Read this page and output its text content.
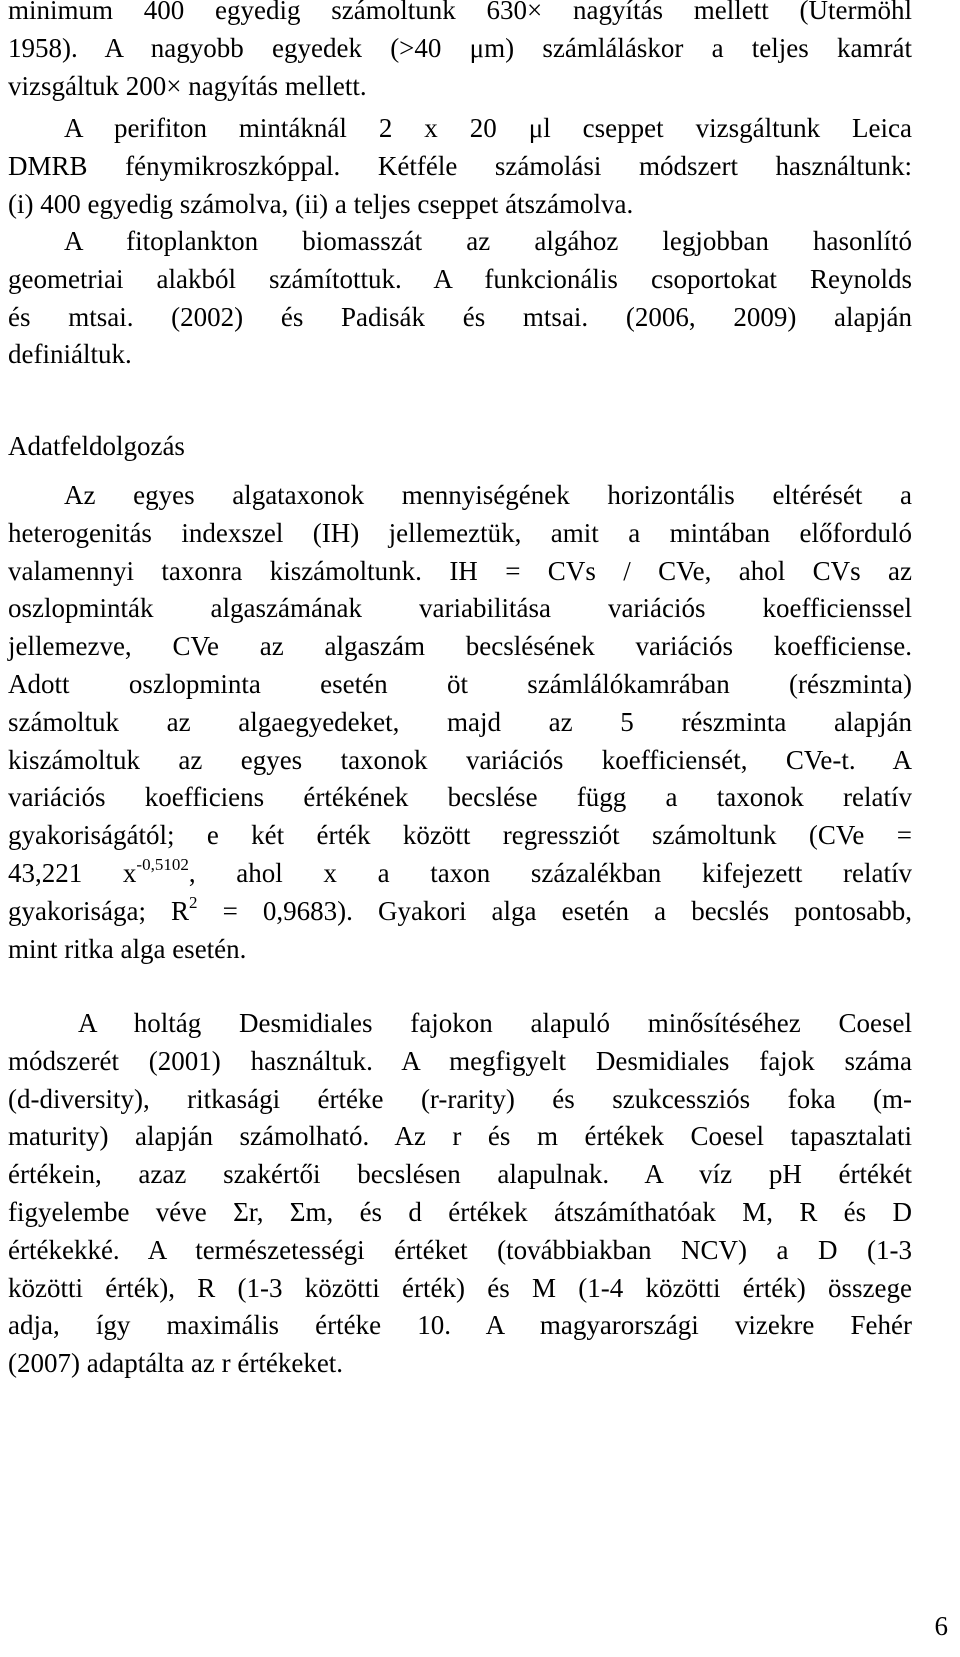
minimum 400 egyedig számoltunk 630× nagyítás mellett (Utermöhl
1958). A nagyobb egyedek (>40 μm) számláláskor a teljes kamrát
vizsgáltuk 200× nagyítás mellett.
A perifiton mintáknál 2 x 20 μl cseppet vizsgáltunk Leica
DMRB fénymikroszkóppal. Kétféle számolási módszert használtunk:
(i) 400 egyedig számolva, (ii) a teljes cseppet átszámolva.
A fitoplankton biomasszát az algához legjobban hasonlító
geometriai alakból számítottuk. A funkcionális csoportokat Reynolds
és mtsai. (2002) és Padisák és mtsai. (2006, 2009) alapján
definiáltuk.
Adatfeldolgozás
Az egyes algataxonok mennyiségének horizontális eltérését a
heterogenitás indexszel (IH) jellemeztük, amit a mintában előforduló
valamennyi taxonra kiszámoltunk. IH = CVs / CVe, ahol CVs az
oszlopminták algaszámának variabilitása variációs koefficienssel
jellemezve, CVe az algaszám becslésének variációs koefficiense.
Adott oszlopminta esetén öt számlálókamrában (részminta)
számoltuk az algaegyedeket, majd az 5 részminta alapján
kiszámoltuk az egyes taxonok variációs koefficiensét, CVe-t. A
variációs koefficiens értékének becslése függ a taxonok relatív
gyakoriságától; e két érték között regressziót számoltunk (CVe =
43,221 $x^{-0,5102}$, ahol x a taxon százalékban kifejezett relatív
gyakorisága; $R^2 = 0,9683$). Gyakori alga esetén a becslés pontosabb,
mint ritka alga esetén.
A holtág Desmidiales fajokon alapuló minősítéséhez Coesel
módszerét (2001) használtuk. A megfigyelt Desmidiales fajok száma
(d-diversity), ritkasági értéke (r-rarity) és szukcessziós foka (m-
maturity) alapján számolható. Az r és m értékek Coesel tapasztalati
értékein, azaz szakértői becslésen alapulnak. A víz pH értékét
figyelembe véve Σr, Σm, és d értékek átszámíthatóak M, R és D
értékekké. A természetességi értéket (továbbiakban NCV) a D (1-3
közötti érték), R (1-3 közötti érték) és M (1-4 közötti érték) összege
adja, így maximális értéke 10. A magyarországi vizekre Fehér
(2007) adaptálta az r értékeket.
6
